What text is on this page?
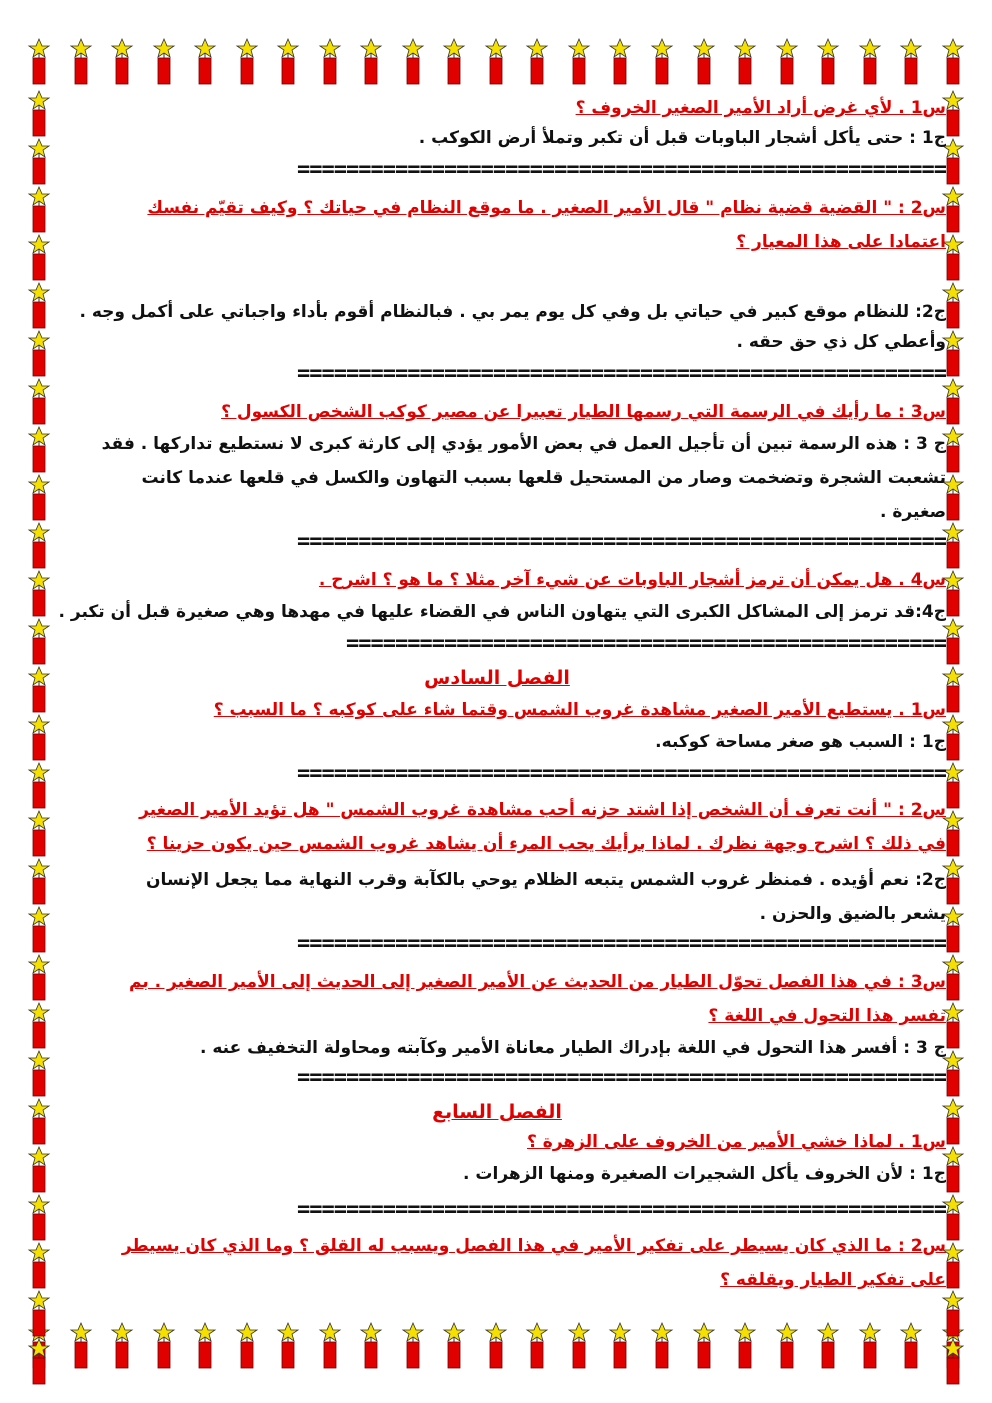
س1 . لأي غرض أراد الأمير الصغير الخروف ؟
ج1 : حتى يأكل أشجار الباوبات قبل أن تكبر وتملأ أرض الكوكب .
=====================================================
س2 : " القضية قضية نظام " قال الأمير الصغير . ما موقع النظام في حياتك ؟ وكيف تقيّم نفسك
اعتمادا على هذا المعيار ؟
ج2: للنظام موقع كبير في حياتي بل وفي كل يوم يمر بي . فبالنظام أقوم بأداء واجباتي على أكمل وجه .
وأعطي كل ذي حق حقه .
=====================================================
س3 : ما رأيك في الرسمة التي رسمها الطيار تعبيرا عن مصير كوكب الشخص الكسول ؟
ج 3 : هذه الرسمة تبين أن تأجيل العمل في بعض الأمور يؤدي إلى كارثة كبرى لا نستطيع تداركها . فقد
تشعبت الشجرة وتضخمت وصار من المستحيل قلعها بسبب التهاون والكسل في قلعها عندما كانت
صغيرة .
=====================================================
س4 . هل يمكن أن ترمز أشجار الباوبات عن شيء آخر مثلا ؟ ما هو ؟ اشرح .
ج4:قد ترمز إلى المشاكل الكبرى التي يتهاون الناس في القضاء عليها في مهدها وهي صغيرة قبل أن تكبر .
=================================================
الفصل السادس
س1 . يستطيع الأمير الصغير مشاهدة غروب الشمس وقتما شاء على كوكبه ؟ ما السبب ؟
ج1 : السبب هو صغر مساحة كوكبه.
=====================================================
س2 : " أنت تعرف أن الشخص إذا اشتد حزنه أحب مشاهدة غروب الشمس " هل تؤيد الأمير الصغير
في ذلك ؟ اشرح وجهة نظرك . لماذا برأيك يحب المرء أن يشاهد غروب الشمس حين يكون حزينا ؟
ج2: نعم أؤيده . فمنظر غروب الشمس يتبعه الظلام يوحي بالكآبة وقرب النهاية مما يجعل الإنسان
يشعر بالضيق والحزن .
=====================================================
س3 : في هذا الفصل تحوّل الطيار من الحديث عن الأمير الصغير إلى الحديث إلى الأمير الصغير . بم
تفسر هذا التحول في اللغة ؟
ج 3 : أفسر هذا التحول في اللغة بإدراك الطيار معاناة الأمير وكآبته ومحاولة التخفيف عنه .
=====================================================
الفصل السابع
س1 . لماذا خشي الأمير من الخروف على الزهرة ؟
ج1 : لأن الخروف يأكل الشجيرات الصغيرة ومنها الزهرات .
=====================================================
س2 : ما الذي كان يسيطر على تفكير الأمير في هذا الفصل ويسبب له القلق ؟ وما الذي كان يسيطر
على تفكير الطيار ويقلقه ؟
